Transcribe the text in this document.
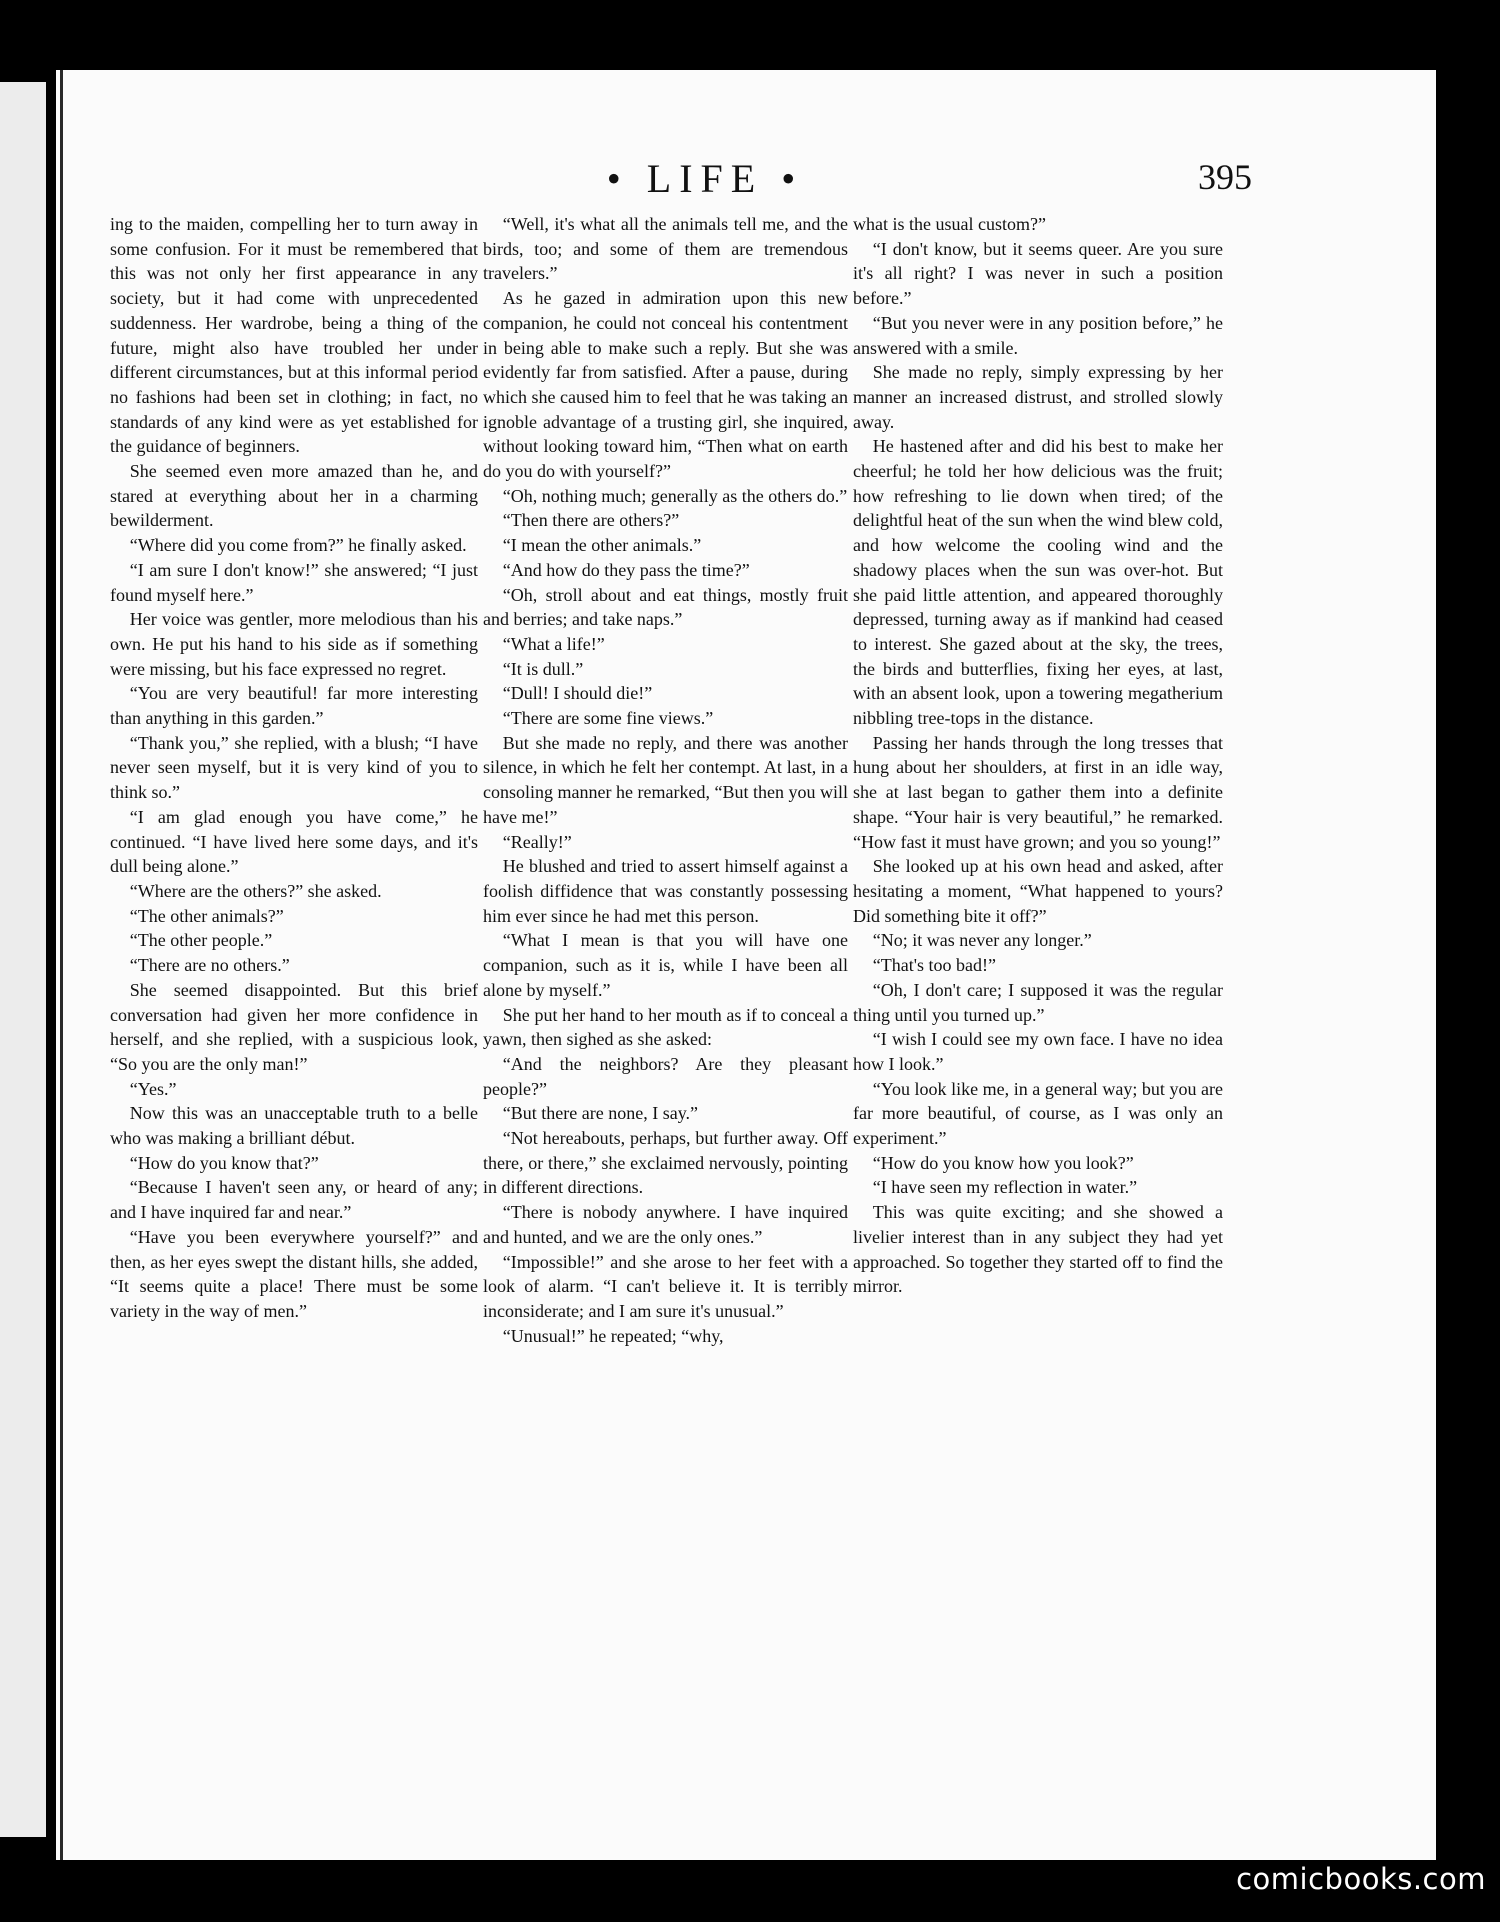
• LIFE •	395

ing to the maiden, compelling her to turn away in some confusion. For it must be remembered that this was not only her first appearance in any society, but it had come with unprecedented suddenness. Her wardrobe, being a thing of the future, might also have troubled her under different circumstances, but at this informal period no fashions had been set in clothing; in fact, no standards of any kind were as yet established for the guidance of beginners.

She seemed even more amazed than he, and stared at everything about her in a charming bewilderment.

“Where did you come from?” he finally asked.

“I am sure I don't know!” she answered; “I just found myself here.”

Her voice was gentler, more melodious than his own. He put his hand to his side as if something were missing, but his face expressed no regret.

“You are very beautiful! far more interesting than anything in this garden.”

“Thank you,” she replied, with a blush; “I have never seen myself, but it is very kind of you to think so.”

“I am glad enough you have come,” he continued. “I have lived here some days, and it's dull being alone.”

“Where are the others?” she asked.

“The other animals?”

“The other people.”

“There are no others.”

She seemed disappointed. But this brief conversation had given her more confidence in herself, and she replied, with a suspicious look, “So you are the only man!”

“Yes.”

Now this was an unacceptable truth to a belle who was making a brilliant début.

“How do you know that?”

“Because I haven't seen any, or heard of any; and I have inquired far and near.”

“Have you been everywhere yourself?” and then, as her eyes swept the distant hills, she added, “It seems quite a place! There must be some variety in the way of men.”

“Well, it's what all the animals tell me, and the birds, too; and some of them are tremendous travelers.”

As he gazed in admiration upon this new companion, he could not conceal his contentment in being able to make such a reply. But she was evidently far from satisfied. After a pause, during which she caused him to feel that he was taking an ignoble advantage of a trusting girl, she inquired, without looking toward him, “Then what on earth do you do with yourself?”

“Oh, nothing much; generally as the others do.”

“Then there are others?”

“I mean the other animals.”

“And how do they pass the time?”

“Oh, stroll about and eat things, mostly fruit and berries; and take naps.”

“What a life!”

“It is dull.”

“Dull! I should die!”

“There are some fine views.”

But she made no reply, and there was another silence, in which he felt her contempt. At last, in a consoling manner he remarked, “But then you will have me!”

“Really!”

He blushed and tried to assert himself against a foolish diffidence that was constantly possessing him ever since he had met this person.

“What I mean is that you will have one companion, such as it is, while I have been all alone by myself.”

She put her hand to her mouth as if to conceal a yawn, then sighed as she asked:

“And the neighbors? Are they pleasant people?”

“But there are none, I say.”

“Not hereabouts, perhaps, but further away. Off there, or there,” she exclaimed nervously, pointing in different directions.

“There is nobody anywhere. I have inquired and hunted, and we are the only ones.”

“Impossible!” and she arose to her feet with a look of alarm. “I can't believe it. It is terribly inconsiderate; and I am sure it's unusual.”

“Unusual!” he repeated; “why,

what is the usual custom?”

“I don't know, but it seems queer. Are you sure it's all right? I was never in such a position before.”

“But you never were in any position before,” he answered with a smile.

She made no reply, simply expressing by her manner an increased distrust, and strolled slowly away.

He hastened after and did his best to make her cheerful; he told her how delicious was the fruit; how refreshing to lie down when tired; of the delightful heat of the sun when the wind blew cold, and how welcome the cooling wind and the shadowy places when the sun was over-hot. But she paid little attention, and appeared thoroughly depressed, turning away as if mankind had ceased to interest. She gazed about at the sky, the trees, the birds and butterflies, fixing her eyes, at last, with an absent look, upon a towering megatherium nibbling tree-tops in the distance.

Passing her hands through the long tresses that hung about her shoulders, at first in an idle way, she at last began to gather them into a definite shape. “Your hair is very beautiful,” he remarked. “How fast it must have grown; and you so young!”

She looked up at his own head and asked, after hesitating a moment, “What happened to yours? Did something bite it off?”

“No; it was never any longer.”

“That's too bad!”

“Oh, I don't care; I supposed it was the regular thing until you turned up.”

“I wish I could see my own face. I have no idea how I look.”

“You look like me, in a general way; but you are far more beautiful, of course, as I was only an experiment.”

“How do you know how you look?”

“I have seen my reflection in water.”

This was quite exciting; and she showed a livelier interest than in any subject they had yet approached. So together they started off to find the mirror.

comicbooks.com
